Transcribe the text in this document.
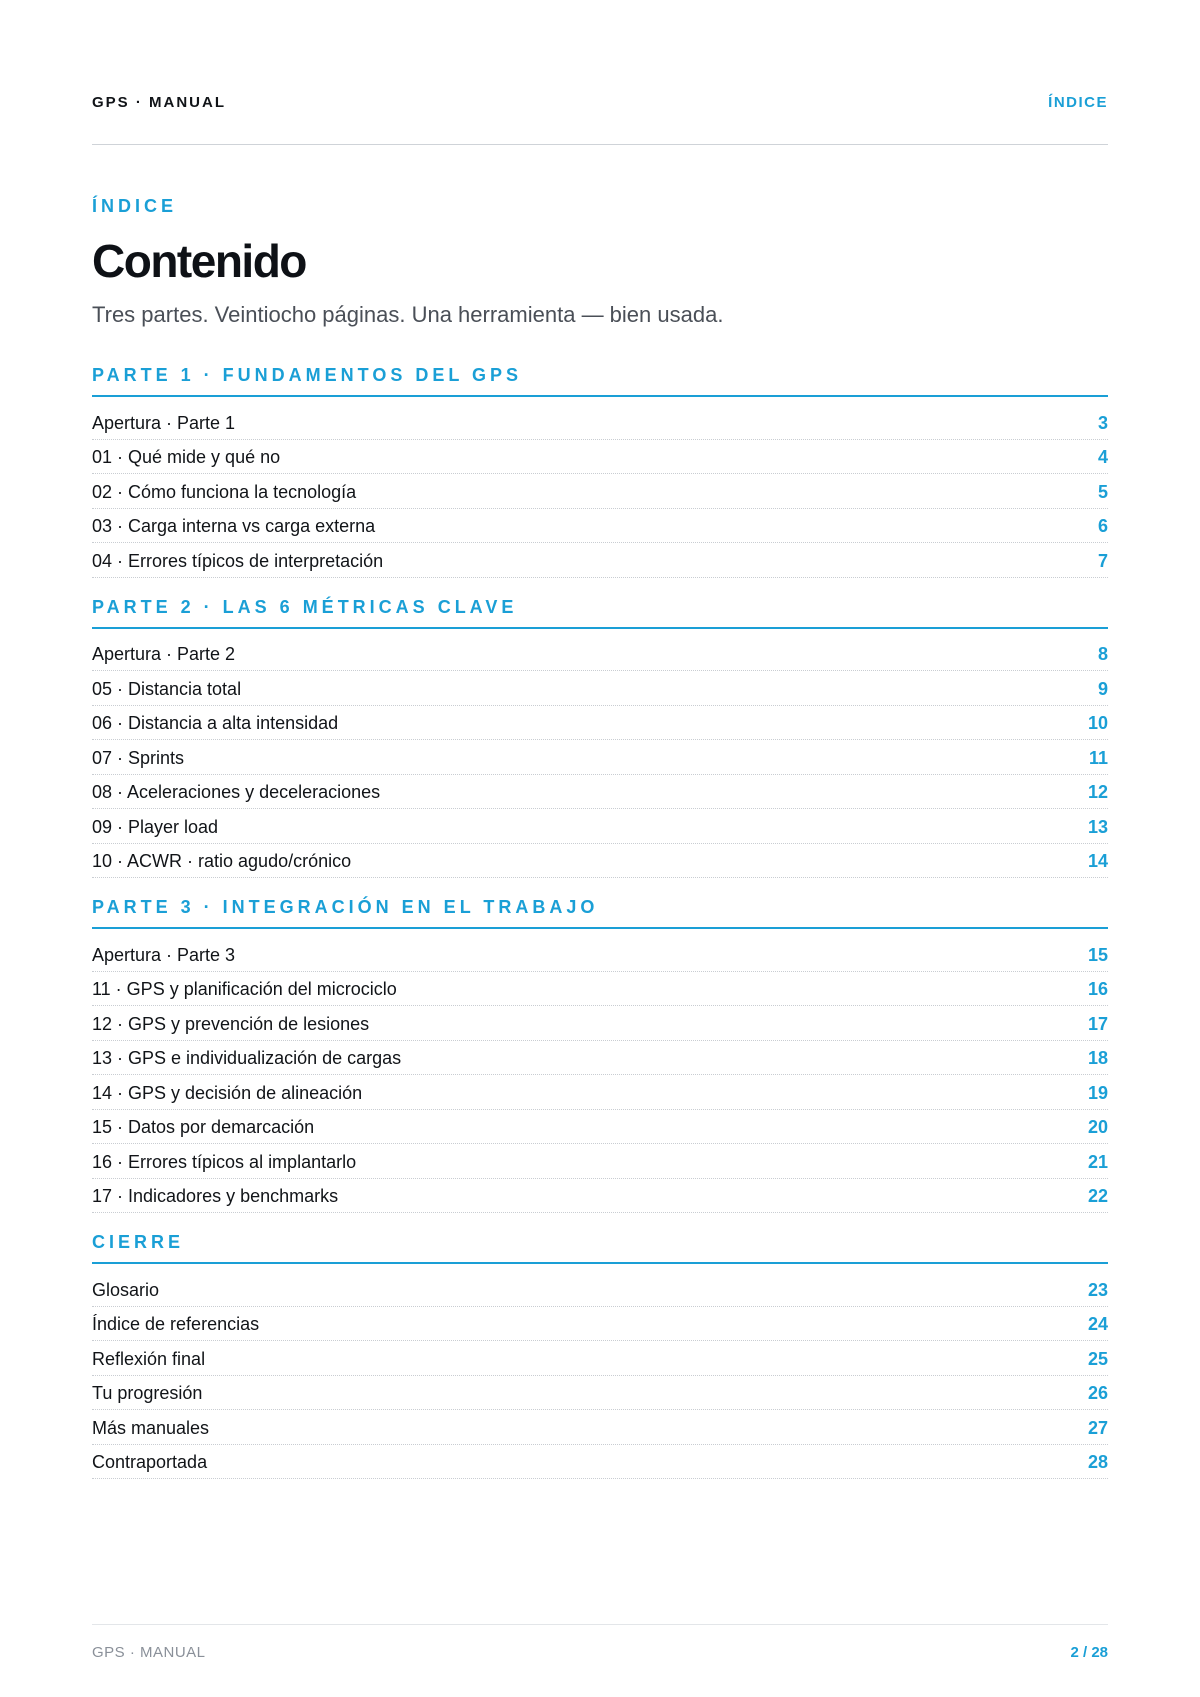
GPS · MANUAL	ÍNDICE
ÍNDICE
Contenido
Tres partes. Veintiocho páginas. Una herramienta — bien usada.
PARTE 1 · FUNDAMENTOS DEL GPS
Apertura · Parte 1	3
01 · Qué mide y qué no	4
02 · Cómo funciona la tecnología	5
03 · Carga interna vs carga externa	6
04 · Errores típicos de interpretación	7
PARTE 2 · LAS 6 MÉTRICAS CLAVE
Apertura · Parte 2	8
05 · Distancia total	9
06 · Distancia a alta intensidad	10
07 · Sprints	11
08 · Aceleraciones y deceleraciones	12
09 · Player load	13
10 · ACWR · ratio agudo/crónico	14
PARTE 3 · INTEGRACIÓN EN EL TRABAJO
Apertura · Parte 3	15
11 · GPS y planificación del microciclo	16
12 · GPS y prevención de lesiones	17
13 · GPS e individualización de cargas	18
14 · GPS y decisión de alineación	19
15 · Datos por demarcación	20
16 · Errores típicos al implantarlo	21
17 · Indicadores y benchmarks	22
CIERRE
Glosario	23
Índice de referencias	24
Reflexión final	25
Tu progresión	26
Más manuales	27
Contraportada	28
GPS · MANUAL	2 / 28
